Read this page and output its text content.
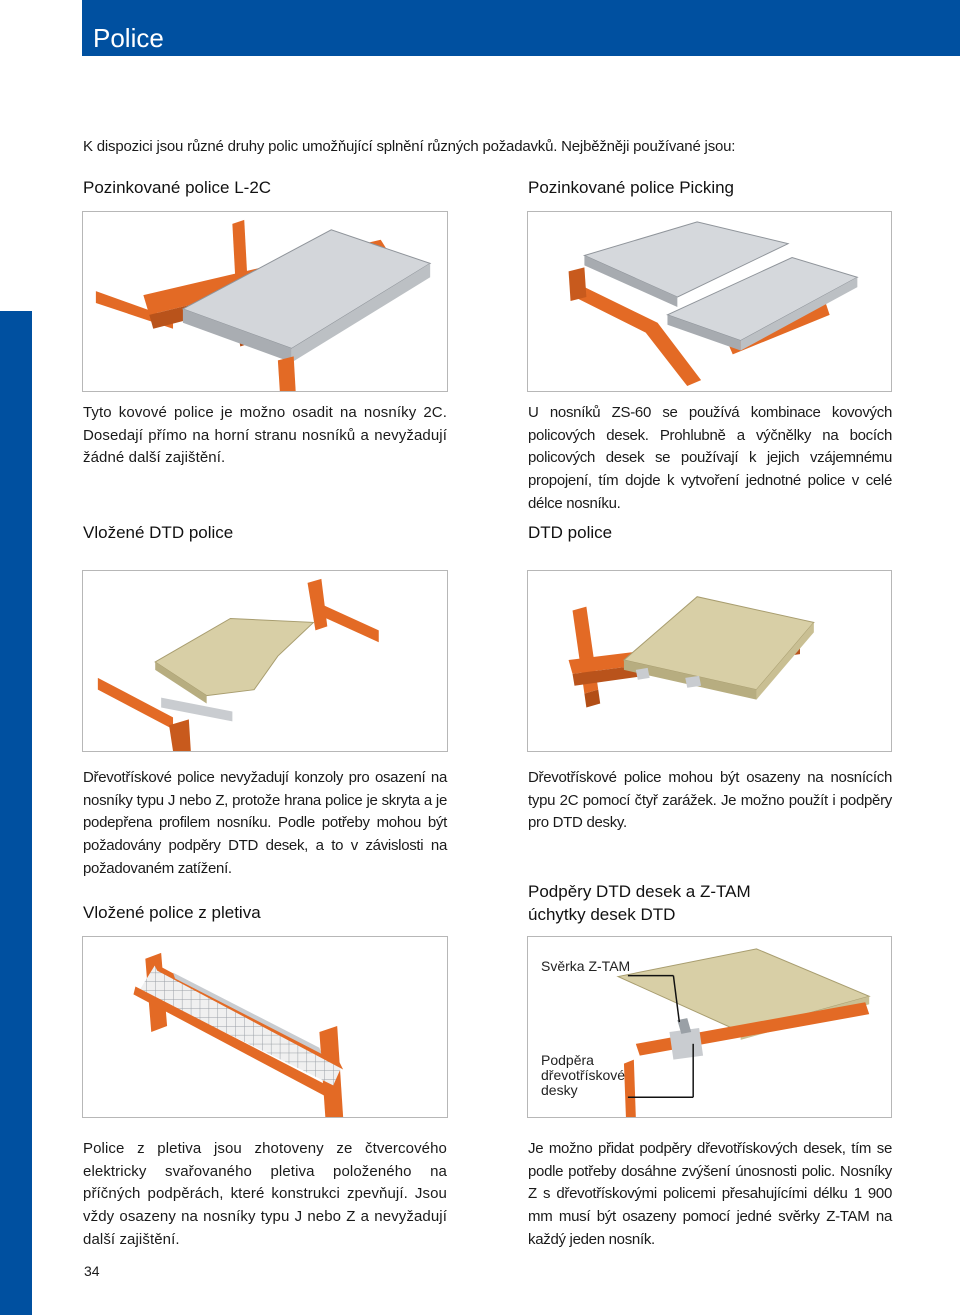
Police

K dispozici jsou různé druhy polic umožňující splnění různých požadavků. Nejběžněji používané jsou:

Pozinkované police L-2C	Pozinkované police Picking

Tyto kovové police je možno osadit na nosníky 2C. Dosedají přímo na horní stranu nosníků a nevyžadují žádné další zajištění.

U nosníků ZS-60 se používá kombinace kovových policových desek. Prohlubně a výčnělky na bocích policových desek se používají k jejich vzájemnému propojení, tím dojde k vytvoření jednotné police v celé délce nosníku.

Vložené DTD police	DTD police

Dřevotřískové police nevyžadují konzoly pro osazení na nosníky typu J nebo Z, protože hrana police je skryta a je podepřena profilem nosníku. Podle potřeby mohou být požadovány podpěry DTD desek, a to v závislosti na požadovaném zatížení.

Dřevotřískové police mohou být osazeny na nosnících typu 2C pomocí čtyř zarážek. Je možno použít i podpěry pro DTD desky.

Vložené police z pletiva
Podpěry DTD desek a Z-TAM
úchytky desek DTD
Svěrka Z-TAM
Podpěra
dřevotřískové
desky

Police z pletiva jsou zhotoveny ze čtvercového elektricky svařovaného pletiva položeného na příčných podpěrách, které konstrukci zpevňují. Jsou vždy osazeny na nosníky typu J nebo Z a nevyžadují další zajištění.

Je možno přidat podpěry dřevotřískových desek, tím se podle potřeby dosáhne zvýšení únosnosti polic. Nosníky Z s dřevotřískovými policemi přesahujícími délku 1 900 mm musí být osazeny pomocí jedné svěrky Z-TAM na každý jeden nosník.

34
